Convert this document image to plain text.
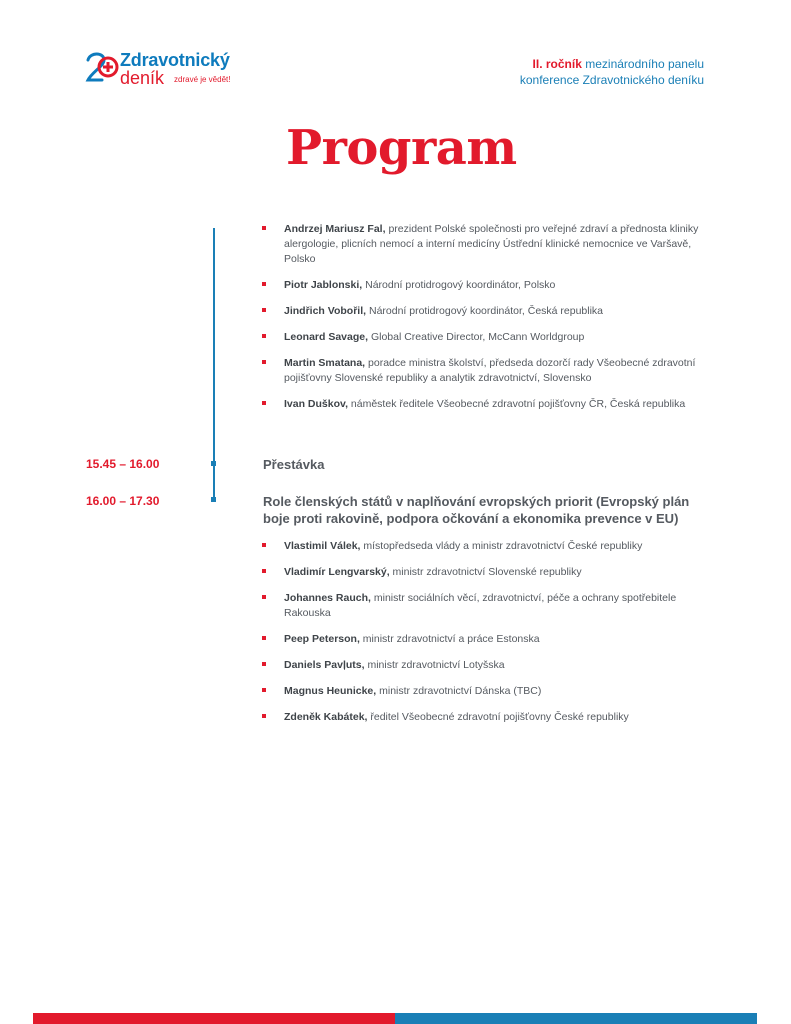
Zdravotnický
deník zdravé je vědět!
II. ročník mezinárodního panelu
konference Zdravotnického deníku
Program
Andrzej Mariusz Fal, prezident Polské společnosti pro veřejné zdraví a přednosta kliniky alergologie, plicních nemocí a interní medicíny Ústřední klinické nemocnice ve Varšavě, Polsko
Piotr Jablonski, Národní protidrogový koordinátor, Polsko
Jindřich Vobořil, Národní protidrogový koordinátor, Česká republika
Leonard Savage, Global Creative Director, McCann Worldgroup
Martin Smatana, poradce ministra školství, předseda dozorčí rady Všeobecné zdravotní pojišťovny Slovenské republiky a analytik zdravotnictví, Slovensko
Ivan Duškov, náměstek ředitele Všeobecné zdravotní pojišťovny ČR, Česká republika
15.45 – 16.00	Přestávka
16.00 – 17.30	Role členských států v naplňování evropských priorit (Evropský plán boje proti rakovině, podpora očkování a ekonomika prevence v EU)
Vlastimil Válek, místopředseda vlády a ministr zdravotnictví České republiky
Vladimír Lengvarský, ministr zdravotnictví Slovenské republiky
Johannes Rauch, ministr sociálních věcí, zdravotnictví, péče a ochrany spotřebitele Rakouska
Peep Peterson, ministr zdravotnictví a práce Estonska
Daniels Pavļuts, ministr zdravotnictví Lotyšska
Magnus Heunicke, ministr zdravotnictví Dánska (TBC)
Zdeněk Kabátek, ředitel Všeobecné zdravotní pojišťovny České republiky
